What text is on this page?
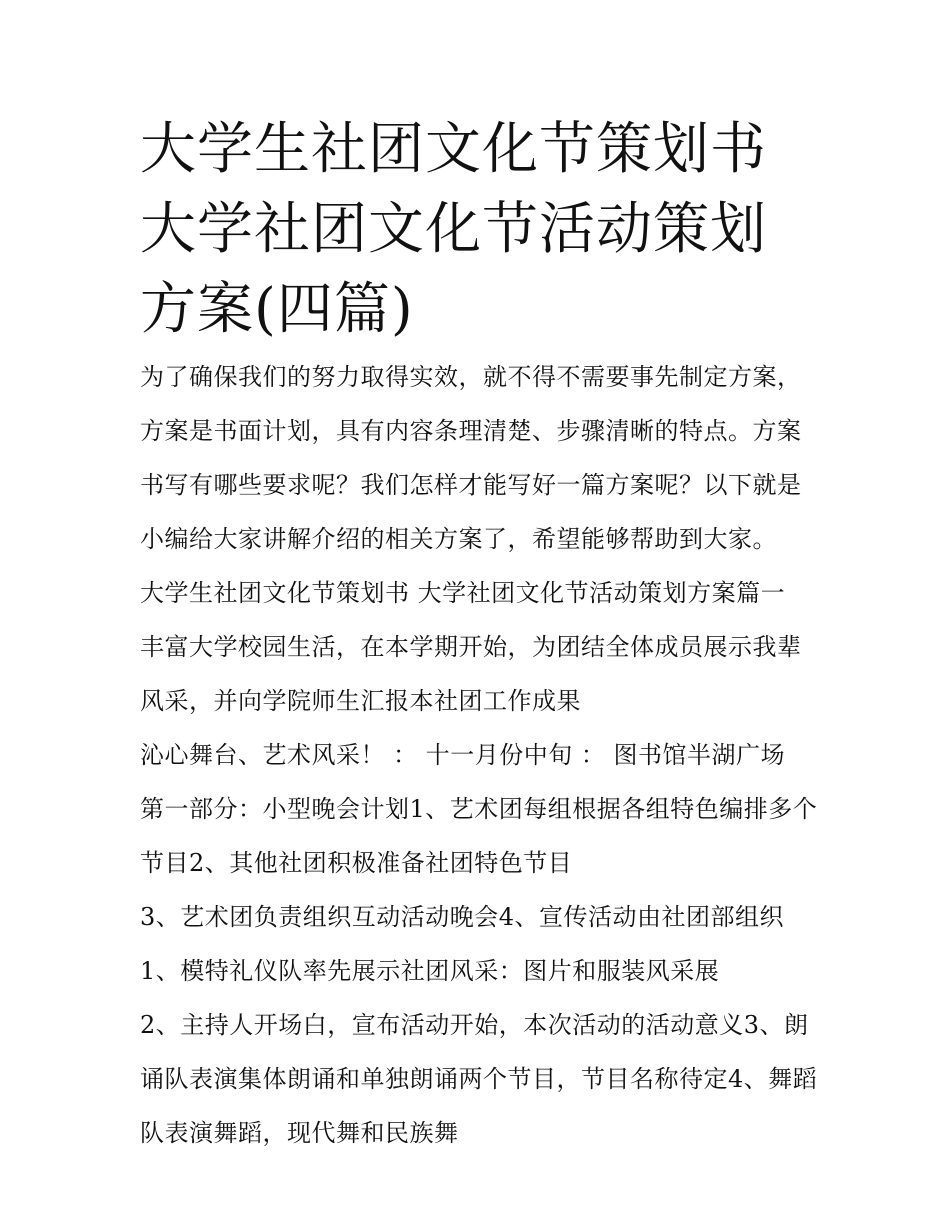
大学生社团文化节策划书 大学社团文化节活动策划方案(四篇)

为了确保我们的努力取得实效，就不得不需要事先制定方案，方案是书面计划，具有内容条理清楚、步骤清晰的特点。方案书写有哪些要求呢？我们怎样才能写好一篇方案呢？以下就是小编给大家讲解介绍的相关方案了，希望能够帮助到大家。

大学生社团文化节策划书 大学社团文化节活动策划方案篇一

丰富大学校园生活，在本学期开始，为团结全体成员展示我辈风采，并向学院师生汇报本社团工作成果

沁心舞台、艺术风采！ ： 十一月份中旬 ： 图书馆半湖广场

第一部分：小型晚会计划1、艺术团每组根据各组特色编排多个节目2、其他社团积极准备社团特色节目

3、艺术团负责组织互动活动晚会4、宣传活动由社团部组织

1、模特礼仪队率先展示社团风采：图片和服装风采展

2、主持人开场白，宣布活动开始，本次活动的活动意义3、朗诵队表演集体朗诵和单独朗诵两个节目，节目名称待定4、舞蹈队表演舞蹈，现代舞和民族舞
